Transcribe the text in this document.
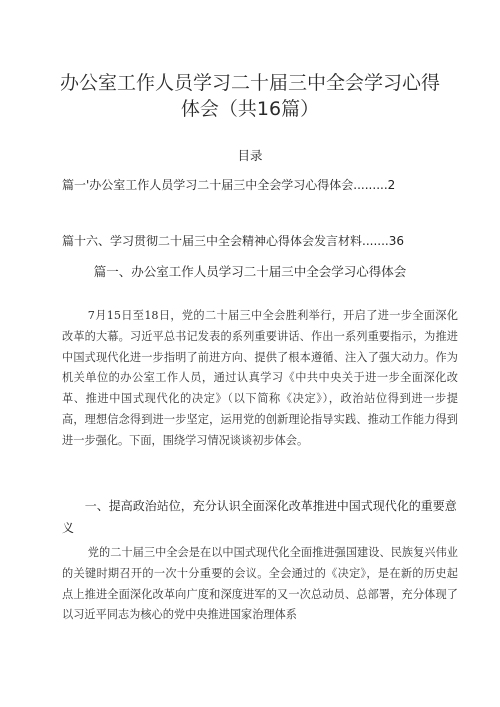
办公室工作人员学习二十届三中全会学习心得
体会（共16篇）
目录
篇一'办公室工作人员学习二十届三中全会学习心得体会.........2
篇十六、学习贯彻二十届三中全会精神心得体会发言材料.......36
篇一、办公室工作人员学习二十届三中全会学习心得体会

7月15日至18日，党的二十届三中全会胜利举行，开启了进一步全面深化改革的大幕。习近平总书记发表的系列重要讲话、作出一系列重要指示，为推进中国式现代化进一步指明了前进方向、提供了根本遵循、注入了强大动力。作为机关单位的办公室工作人员，通过认真学习《中共中央关于进一步全面深化改革、推进中国式现代化的决定》（以下简称《决定》），政治站位得到进一步提高，理想信念得到进一步坚定，运用党的创新理论指导实践、推动工作能力得到进一步强化。下面，围绕学习情况谈谈初步体会。

一、提高政治站位，充分认识全面深化改革推进中国式现代化的重要意义

党的二十届三中全会是在以中国式现代化全面推进强国建设、民族复兴伟业的关键时期召开的一次十分重要的会议。全会通过的《决定》，是在新的历史起点上推进全面深化改革向广度和深度进军的又一次总动员、总部署，充分体现了以习近平同志为核心的党中央推进国家治理体系
